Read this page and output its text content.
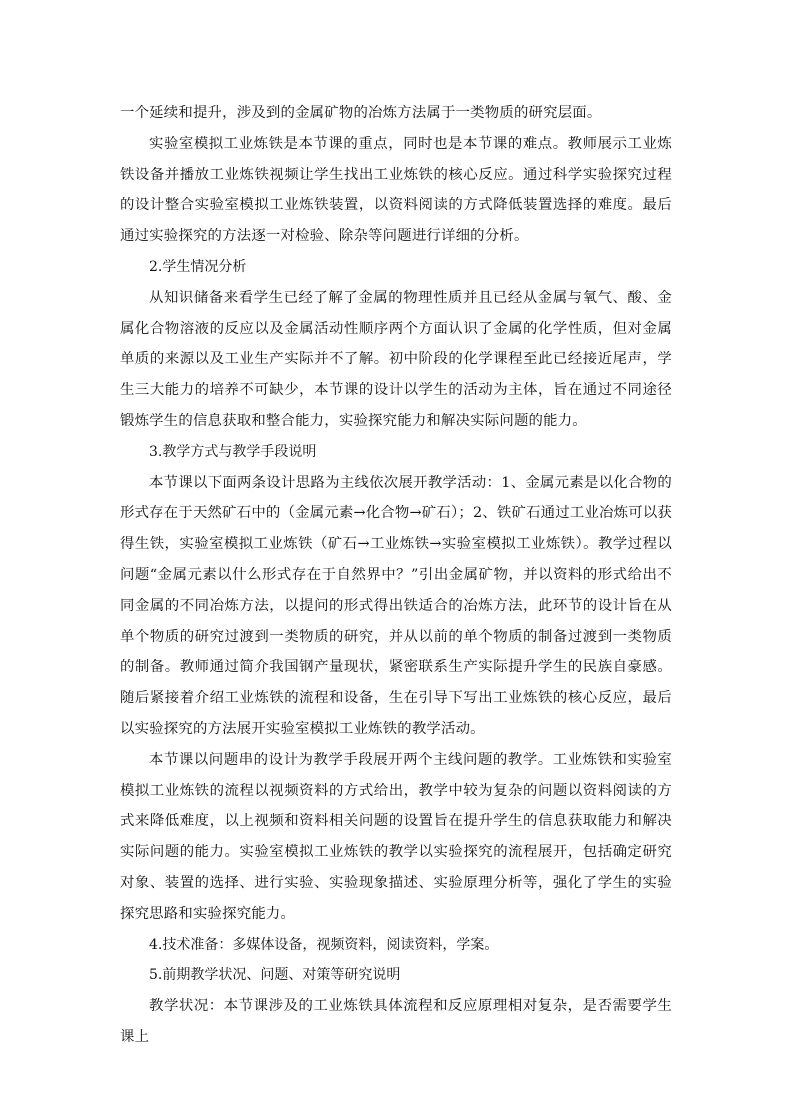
一个延续和提升，涉及到的金属矿物的冶炼方法属于一类物质的研究层面。

实验室模拟工业炼铁是本节课的重点，同时也是本节课的难点。教师展示工业炼铁设备并播放工业炼铁视频让学生找出工业炼铁的核心反应。通过科学实验探究过程的设计整合实验室模拟工业炼铁装置，以资料阅读的方式降低装置选择的难度。最后通过实验探究的方法逐一对检验、除杂等问题进行详细的分析。

2.学生情况分析

从知识储备来看学生已经了解了金属的物理性质并且已经从金属与氧气、酸、金属化合物溶液的反应以及金属活动性顺序两个方面认识了金属的化学性质，但对金属单质的来源以及工业生产实际并不了解。初中阶段的化学课程至此已经接近尾声，学生三大能力的培养不可缺少，本节课的设计以学生的活动为主体，旨在通过不同途径锻炼学生的信息获取和整合能力，实验探究能力和解决实际问题的能力。

3.教学方式与教学手段说明

本节课以下面两条设计思路为主线依次展开教学活动：1、金属元素是以化合物的形式存在于天然矿石中的（金属元素→化合物→矿石）；2、铁矿石通过工业冶炼可以获得生铁，实验室模拟工业炼铁（矿石→工业炼铁→实验室模拟工业炼铁）。教学过程以问题“金属元素以什么形式存在于自然界中？”引出金属矿物，并以资料的形式给出不同金属的不同冶炼方法，以提问的形式得出铁适合的冶炼方法，此环节的设计旨在从单个物质的研究过渡到一类物质的研究，并从以前的单个物质的制备过渡到一类物质的制备。教师通过简介我国钢产量现状，紧密联系生产实际提升学生的民族自豪感。随后紧接着介绍工业炼铁的流程和设备，生在引导下写出工业炼铁的核心反应，最后以实验探究的方法展开实验室模拟工业炼铁的教学活动。

本节课以问题串的设计为教学手段展开两个主线问题的教学。工业炼铁和实验室模拟工业炼铁的流程以视频资料的方式给出，教学中较为复杂的问题以资料阅读的方式来降低难度，以上视频和资料相关问题的设置旨在提升学生的信息获取能力和解决实际问题的能力。实验室模拟工业炼铁的教学以实验探究的流程展开，包括确定研究对象、装置的选择、进行实验、实验现象描述、实验原理分析等，强化了学生的实验探究思路和实验探究能力。

4.技术准备：多媒体设备，视频资料，阅读资料，学案。

5.前期教学状况、问题、对策等研究说明

教学状况：本节课涉及的工业炼铁具体流程和反应原理相对复杂，是否需要学生课上
